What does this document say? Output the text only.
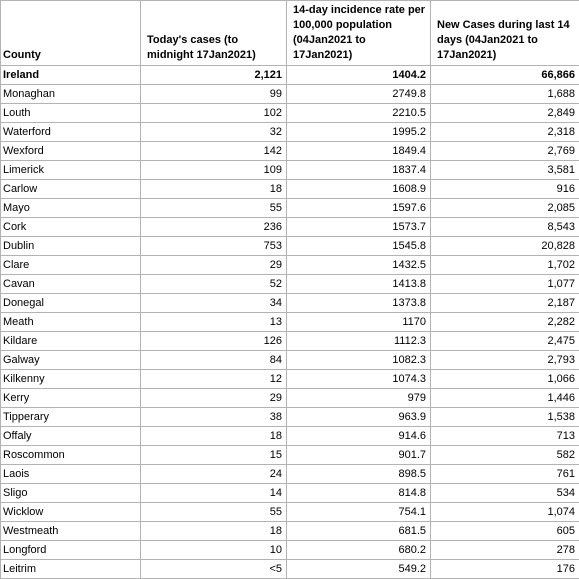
County	Today's cases (to midnight 17Jan2021)	14-day incidence rate per 100,000 population (04Jan2021 to 17Jan2021)	New Cases during last 14 days (04Jan2021 to 17Jan2021)

Ireland	2,121	1404.2	66,866
Monaghan	99	2749.8	1,688
Louth	102	2210.5	2,849
Waterford	32	1995.2	2,318
Wexford	142	1849.4	2,769
Limerick	109	1837.4	3,581
Carlow	18	1608.9	916
Mayo	55	1597.6	2,085
Cork	236	1573.7	8,543
Dublin	753	1545.8	20,828
Clare	29	1432.5	1,702
Cavan	52	1413.8	1,077
Donegal	34	1373.8	2,187
Meath	13	1170	2,282
Kildare	126	1112.3	2,475
Galway	84	1082.3	2,793
Kilkenny	12	1074.3	1,066
Kerry	29	979	1,446
Tipperary	38	963.9	1,538
Offaly	18	914.6	713
Roscommon	15	901.7	582
Laois	24	898.5	761
Sligo	14	814.8	534
Wicklow	55	754.1	1,074
Westmeath	18	681.5	605
Longford	10	680.2	278
Leitrim	<5	549.2	176
